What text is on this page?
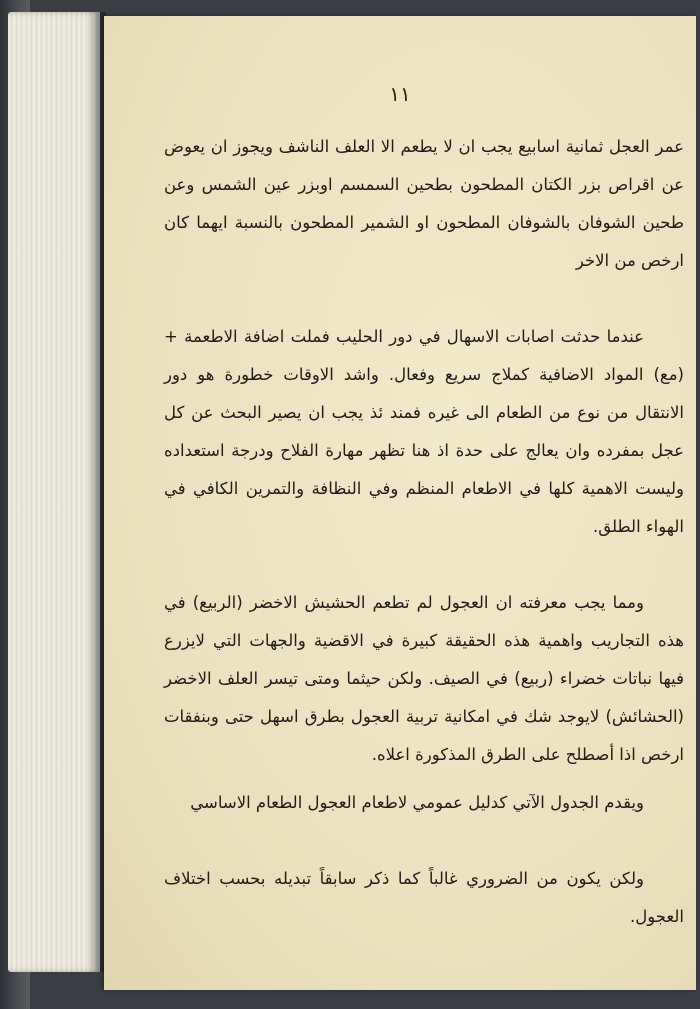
١١

عمر العجل ثمانية اسابيع يجب ان لا يطعم الا العلف الناشف ويجوز ان يعوض عن اقراص بزر الكتان المطحون بطحين السمسم اوبزر عين الشمس وعن طحين الشوفان بالشوفان المطحون او الشمير المطحون بالنسبة ايهما كان ارخص من الاخر

عندما حدثت اصابات الاسهال في دور الحليب فملت اضافة الاطعمة + (مع) المواد الاضافية كملاج سريع وفعال. واشد الاوقات خطورة هو دور الانتقال من نوع من الطعام الى غيره فمند ئذ يجب ان يصير البحث عن كل عجل بمفرده وان يعالج على حدة اذ هنا تظهر مهارة الفلاح ودرجة استعداده وليست الاهمية كلها في الاطعام المنظم وفي النظافة والتمرين الكافي في الهواء الطلق.

ومما يجب معرفته ان العجول لم تطعم الحشيش الاخضر (الربيع) في هذه التجاريب واهمية هذه الحقيقة كبيرة في الاقضية والجهات التي لايزرع فيها نباتات خضراء (ربيع) في الصيف. ولكن حيثما ومتى تيسر العلف الاخضر (الحشائش) لايوجد شك في امكانية تربية العجول بطرق اسهل حتى وبنفقات ارخص اذا أصطلح على الطرق المذكورة اعلاه.

ويقدم الجدول الآتي كدليل عمومي لاطعام العجول الطعام الاساسي

ولكن يكون من الضروري غالباً كما ذكر سابقاً تبديله بحسب اختلاف العجول.
